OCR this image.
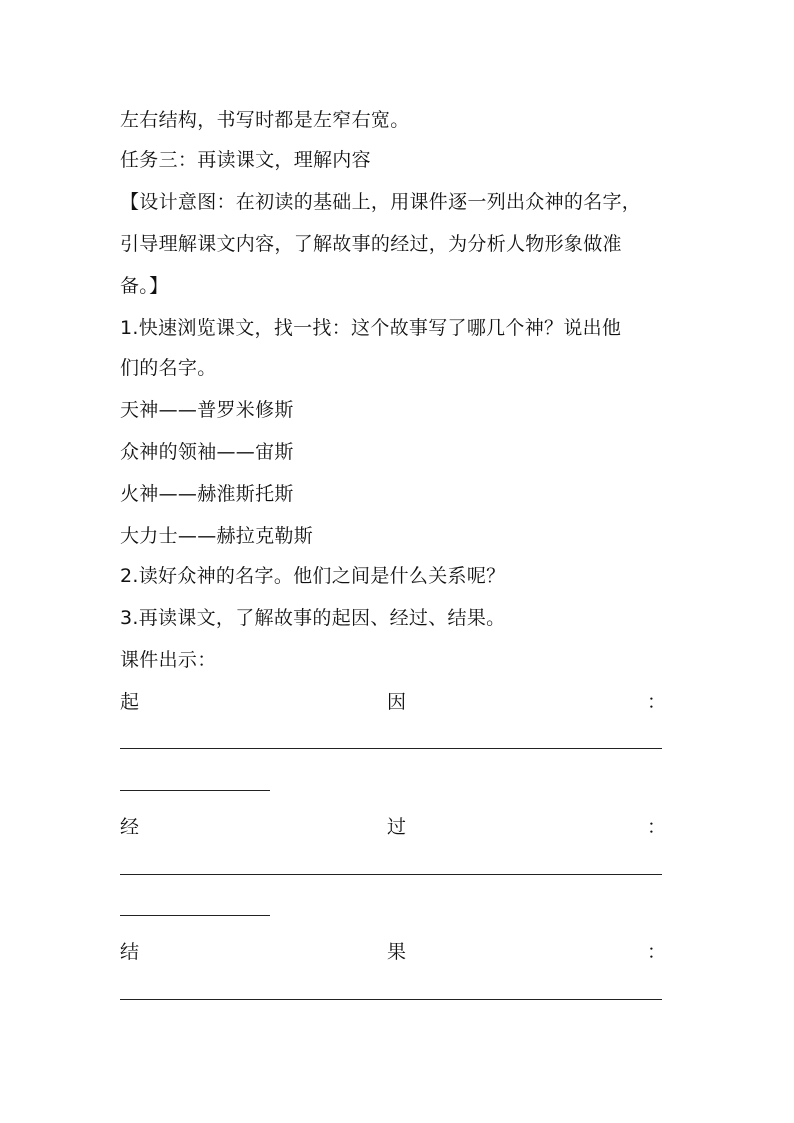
左右结构，书写时都是左窄右宽。
任务三：再读课文，理解内容
【设计意图：在初读的基础上，用课件逐一列出众神的名字，
引导理解课文内容，了解故事的经过，为分析人物形象做准
备。】
1.快速浏览课文，找一找：这个故事写了哪几个神？说出他
们的名字。
天神——普罗米修斯
众神的领袖——宙斯
火神——赫淮斯托斯
大力士——赫拉克勒斯
2.读好众神的名字。他们之间是什么关系呢？
3.再读课文，了解故事的起因、经过、结果。
课件出示：
起	因	：
经	过	：
结	果	：
